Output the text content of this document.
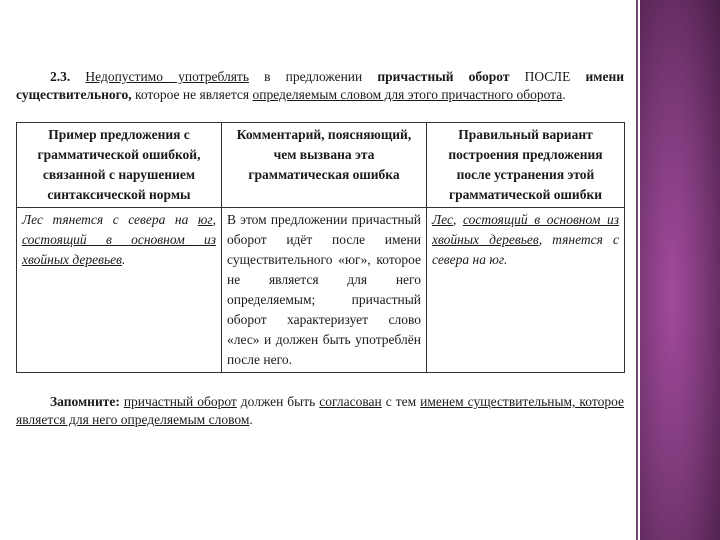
2.3. Недопустимо употреблять в предложении причастный оборот ПОСЛЕ имени существительного, которое не является определяемым словом для этого причастного оборота.

Пример предложения с грамматической ошибкой, связанной с нарушением синтаксической нормы	Комментарий, поясняющий, чем вызвана эта грамматическая ошибка	Правильный вариант построения предложения после устранения этой грамматической ошибки
Лес тянется с севера на юг, состоящий в основном из хвойных деревьев.	В этом предложении причастный оборот идёт после имени существительного «юг», которое не является для него определяемым; причастный оборот характеризует слово «лес» и должен быть употреблён после него.	Лес, состоящий в основном из хвойных деревьев, тянется с севера на юг.

Запомните: причастный оборот должен быть согласован с тем именем существительным, которое является для него определяемым словом.
